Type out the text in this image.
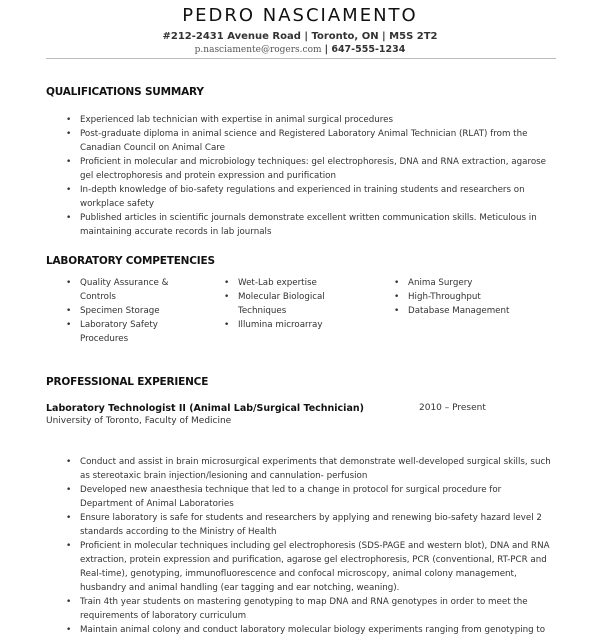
PEDRO NASCIAMENTO
#212-2431 Avenue Road | Toronto, ON | M5S 2T2
p.nasciamente@rogers.com | 647-555-1234
QUALIFICATIONS SUMMARY
• Experienced lab technician with expertise in animal surgical procedures
• Post-graduate diploma in animal science and Registered Laboratory Animal Technician (RLAT) from the Canadian Council on Animal Care
• Proficient in molecular and microbiology techniques: gel electrophoresis, DNA and RNA extraction, agarose gel electrophoresis and protein expression and purification
• In-depth knowledge of bio-safety regulations and experienced in training students and researchers on workplace safety
• Published articles in scientific journals demonstrate excellent written communication skills. Meticulous in maintaining accurate records in lab journals
LABORATORY COMPETENCIES
• Quality Assurance & Controls
• Specimen Storage
• Laboratory Safety Procedures
• Wet-Lab expertise
• Molecular Biological Techniques
• Illumina microarray
• Anima Surgery
• High-Throughput
• Database Management
PROFESSIONAL EXPERIENCE
Laboratory Technologist II (Animal Lab/Surgical Technician)	2010 – Present
University of Toronto, Faculty of Medicine
• Conduct and assist in brain microsurgical experiments that demonstrate well-developed surgical skills, such as stereotaxic brain injection/lesioning and cannulation- perfusion
• Developed new anaesthesia technique that led to a change in protocol for surgical procedure for Department of Animal Laboratories
• Ensure laboratory is safe for students and researchers by applying and renewing bio-safety hazard level 2 standards according to the Ministry of Health
• Proficient in molecular techniques including gel electrophoresis (SDS-PAGE and western blot), DNA and RNA extraction, protein expression and purification, agarose gel electrophoresis, PCR (conventional, RT-PCR and Real-time), genotyping, immunofluorescence and confocal microscopy, animal colony management, husbandry and animal handling (ear tagging and ear notching, weaning).
• Train 4th year students on mastering genotyping to map DNA and RNA genotypes in order to meet the requirements of laboratory curriculum
• Maintain animal colony and conduct laboratory molecular biology experiments ranging from genotyping to
